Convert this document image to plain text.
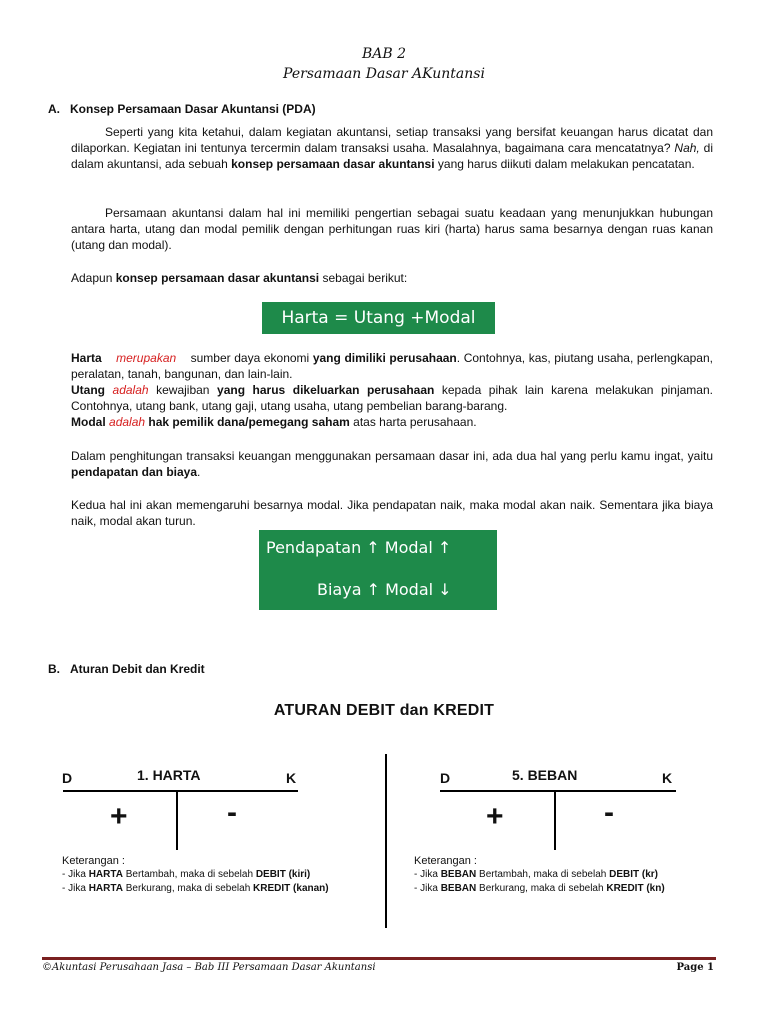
BAB 2
Persamaan Dasar AKuntansi
A. Konsep Persamaan Dasar Akuntansi (PDA)
Seperti yang kita ketahui, dalam kegiatan akuntansi, setiap transaksi yang bersifat keuangan harus dicatat dan dilaporkan. Kegiatan ini tentunya tercermin dalam transaksi usaha. Masalahnya, bagaimana cara mencatatnya? Nah, di dalam akuntansi, ada sebuah konsep persamaan dasar akuntansi yang harus diikuti dalam melakukan pencatatan.
Persamaan akuntansi dalam hal ini memiliki pengertian sebagai suatu keadaan yang menunjukkan hubungan antara harta, utang dan modal pemilik dengan perhitungan ruas kiri (harta) harus sama besarnya dengan ruas kanan (utang dan modal).
Adapun konsep persamaan dasar akuntansi sebagai berikut:
Harta = Utang +Modal
Harta merupakan sumber daya ekonomi yang dimiliki perusahaan. Contohnya, kas, piutang usaha, perlengkapan, peralatan, tanah, bangunan, dan lain-lain.
Utang adalah kewajiban yang harus dikeluarkan perusahaan kepada pihak lain karena melakukan pinjaman. Contohnya, utang bank, utang gaji, utang usaha, utang pembelian barang-barang.
Modal adalah hak pemilik dana/pemegang saham atas harta perusahaan.
Dalam penghitungan transaksi keuangan menggunakan persamaan dasar ini, ada dua hal yang perlu kamu ingat, yaitu pendapatan dan biaya.
Kedua hal ini akan memengaruhi besarnya modal. Jika pendapatan naik, maka modal akan naik. Sementara jika biaya naik, modal akan turun.
Pendapatan ↑ Modal ↑
Biaya ↑ Modal ↓
B. Aturan Debit dan Kredit
ATURAN DEBIT dan KREDIT
D	1. HARTA	K
+	-
Keterangan :
- Jika HARTA Bertambah, maka di sebelah DEBIT (kiri)
- Jika HARTA Berkurang, maka di sebelah KREDIT (kanan)
D	5. BEBAN	K
+	-
Keterangan :
- Jika BEBAN Bertambah, maka di sebelah DEBIT (kr)
- Jika BEBAN Berkurang, maka di sebelah KREDIT (kn)
©Akuntasi Perusahaan Jasa – Bab III Persamaan Dasar Akuntansi	Page 1
